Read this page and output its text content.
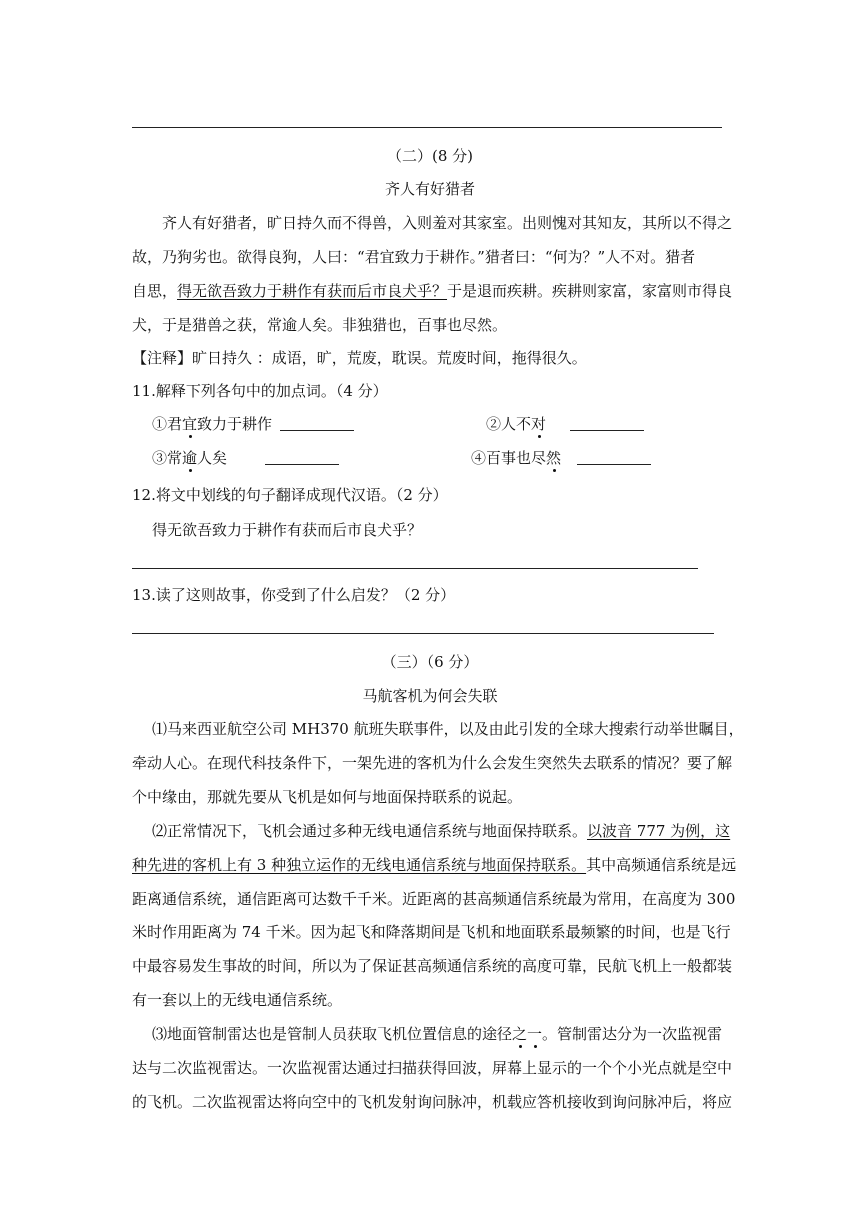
（二）(8 分)
齐人有好猎者
齐人有好猎者，旷日持久而不得兽，入则羞对其家室。出则愧对其知友，其所以不得之
故，乃狗劣也。欲得良狗，人曰：“君宜致力于耕作。”猎者曰：“何为？”人不对。猎者
自思，得无欲吾致力于耕作有获而后市良犬乎？于是退而疾耕。疾耕则家富，家富则市得良
犬，于是猎兽之获，常逾人矣。非独猎也，百事也尽然。
【注释】旷日持久 ：成语，旷，荒废，耽误。荒废时间，拖得很久。
11.解释下列各句中的加点词。（4 分）
①君宜致力于耕作	②人不对
③常逾人矣	④百事也尽然
12.将文中划线的句子翻译成现代汉语。（2 分）
得无欲吾致力于耕作有获而后市良犬乎？
13.读了这则故事，你受到了什么启发？（2 分）
（三）（6 分）
马航客机为何会失联
⑴马来西亚航空公司 MH370 航班失联事件，以及由此引发的全球大搜索行动举世瞩目，
牵动人心。在现代科技条件下，一架先进的客机为什么会发生突然失去联系的情况？要了解
个中缘由，那就先要从飞机是如何与地面保持联系的说起。
⑵正常情况下，飞机会通过多种无线电通信系统与地面保持联系。以波音 777 为例，这
种先进的客机上有 3 种独立运作的无线电通信系统与地面保持联系。其中高频通信系统是远
距离通信系统，通信距离可达数千千米。近距离的甚高频通信系统最为常用，在高度为 300
米时作用距离为 74 千米。因为起飞和降落期间是飞机和地面联系最频繁的时间，也是飞行
中最容易发生事故的时间，所以为了保证甚高频通信系统的高度可靠，民航飞机上一般都装
有一套以上的无线电通信系统。
⑶地面管制雷达也是管制人员获取飞机位置信息的途径之一。管制雷达分为一次监视雷
达与二次监视雷达。一次监视雷达通过扫描获得回波，屏幕上显示的一个个小光点就是空中
的飞机。二次监视雷达将向空中的飞机发射询问脉冲，机载应答机接收到询问脉冲后，将应
